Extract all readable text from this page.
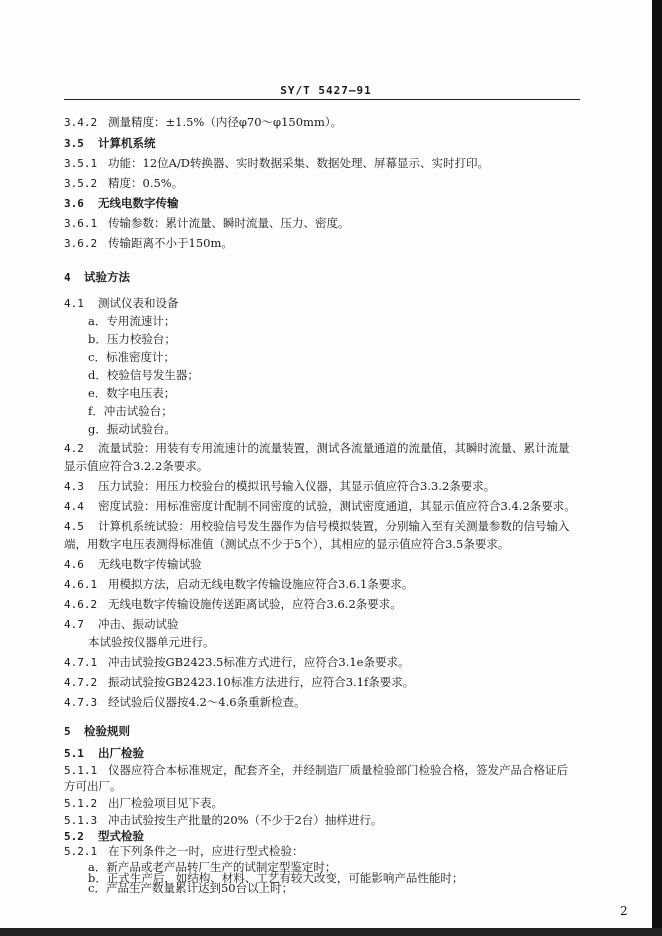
SY/T 5427—91
3.4.2 测量精度：±1.5%（内径φ70～φ150mm）。
3.5 计算机系统
3.5.1 功能：12位A/D转换器、实时数据采集、数据处理、屏幕显示、实时打印。
3.5.2 精度：0.5%。
3.6 无线电数字传输
3.6.1 传输参数：累计流量、瞬时流量、压力、密度。
3.6.2 传输距离不小于150m。
4 试验方法
4.1 测试仪表和设备
a．专用流速计；
b．压力校验台；
c．标准密度计；
d．校验信号发生器；
e．数字电压表；
f．冲击试验台；
g．振动试验台。
4.2 流量试验：用装有专用流速计的流量装置，测试各流量通道的流量值，其瞬时流量、累计流量
显示值应符合3.2.2条要求。
4.3 压力试验：用压力校验台的模拟讯号输入仪器，其显示值应符合3.3.2条要求。
4.4 密度试验：用标准密度计配制不同密度的试验，测试密度通道，其显示值应符合3.4.2条要求。
4.5 计算机系统试验：用校验信号发生器作为信号模拟装置，分别输入至有关测量参数的信号输入
端，用数字电压表测得标准值（测试点不少于5个），其相应的显示值应符合3.5条要求。
4.6 无线电数字传输试验
4.6.1 用模拟方法，启动无线电数字传输设施应符合3.6.1条要求。
4.6.2 无线电数字传输设施传送距离试验，应符合3.6.2条要求。
4.7 冲击、振动试验
本试验按仪器单元进行。
4.7.1 冲击试验按GB2423.5标准方式进行，应符合3.1e条要求。
4.7.2 振动试验按GB2423.10标准方法进行，应符合3.1f条要求。
4.7.3 经试验后仪器按4.2～4.6条重新检查。
5 检验规则
5.1 出厂检验
5.1.1 仪器应符合本标准规定，配套齐全，并经制造厂质量检验部门检验合格，签发产品合格证后
方可出厂。
5.1.2 出厂检验项目见下表。
5.1.3 冲击试验按生产批量的20%（不少于2台）抽样进行。
5.2 型式检验
5.2.1 在下列条件之一时，应进行型式检验：
a．新产品或老产品转厂生产的试制定型鉴定时；
b．正式生产后，如结构、材料、工艺有较大改变，可能影响产品性能时；
c．产品生产数量累计达到50台以上时；
2
